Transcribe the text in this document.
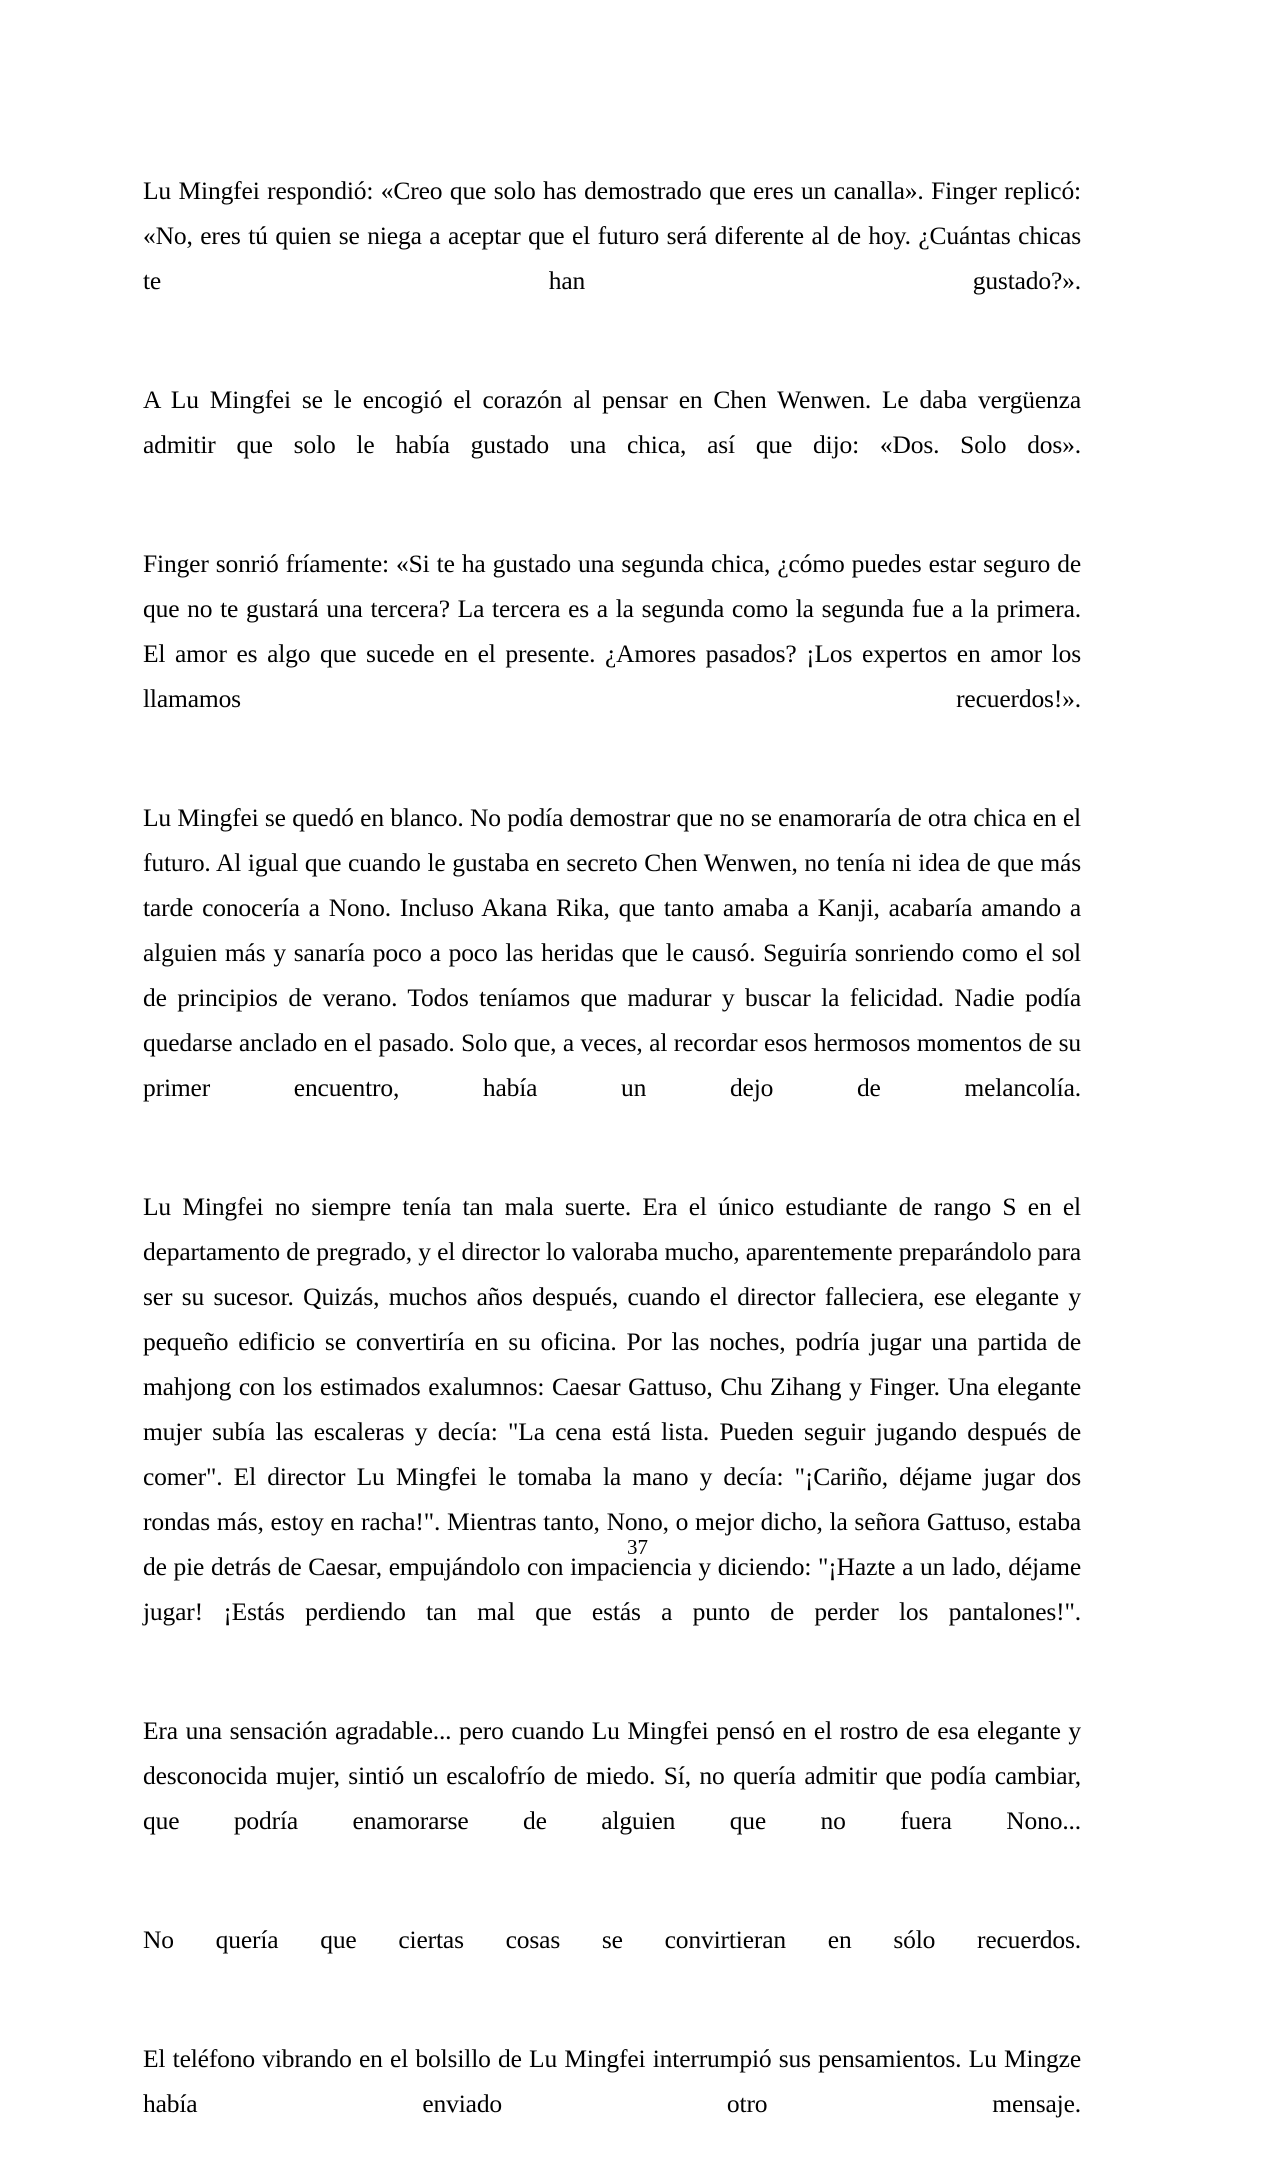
Lu Mingfei respondió: «Creo que solo has demostrado que eres un canalla». Finger replicó: «No, eres tú quien se niega a aceptar que el futuro será diferente al de hoy. ¿Cuántas chicas te han gustado?».

A Lu Mingfei se le encogió el corazón al pensar en Chen Wenwen. Le daba vergüenza admitir que solo le había gustado una chica, así que dijo: «Dos. Solo dos».

Finger sonrió fríamente: «Si te ha gustado una segunda chica, ¿cómo puedes estar seguro de que no te gustará una tercera? La tercera es a la segunda como la segunda fue a la primera. El amor es algo que sucede en el presente. ¿Amores pasados? ¡Los expertos en amor los llamamos recuerdos!».

Lu Mingfei se quedó en blanco. No podía demostrar que no se enamoraría de otra chica en el futuro. Al igual que cuando le gustaba en secreto Chen Wenwen, no tenía ni idea de que más tarde conocería a Nono. Incluso Akana Rika, que tanto amaba a Kanji, acabaría amando a alguien más y sanaría poco a poco las heridas que le causó. Seguiría sonriendo como el sol de principios de verano. Todos teníamos que madurar y buscar la felicidad. Nadie podía quedarse anclado en el pasado. Solo que, a veces, al recordar esos hermosos momentos de su primer encuentro, había un dejo de melancolía.

Lu Mingfei no siempre tenía tan mala suerte. Era el único estudiante de rango S en el departamento de pregrado, y el director lo valoraba mucho, aparentemente preparándolo para ser su sucesor. Quizás, muchos años después, cuando el director falleciera, ese elegante y pequeño edificio se convertiría en su oficina. Por las noches, podría jugar una partida de mahjong con los estimados exalumnos: Caesar Gattuso, Chu Zihang y Finger. Una elegante mujer subía las escaleras y decía: "La cena está lista. Pueden seguir jugando después de comer". El director Lu Mingfei le tomaba la mano y decía: "¡Cariño, déjame jugar dos rondas más, estoy en racha!". Mientras tanto, Nono, o mejor dicho, la señora Gattuso, estaba de pie detrás de Caesar, empujándolo con impaciencia y diciendo: "¡Hazte a un lado, déjame jugar! ¡Estás perdiendo tan mal que estás a punto de perder los pantalones!".

Era una sensación agradable... pero cuando Lu Mingfei pensó en el rostro de esa elegante y desconocida mujer, sintió un escalofrío de miedo. Sí, no quería admitir que podía cambiar, que podría enamorarse de alguien que no fuera Nono...

No quería que ciertas cosas se convirtieran en sólo recuerdos.

El teléfono vibrando en el bolsillo de Lu Mingfei interrumpió sus pensamientos. Lu Mingze había enviado otro mensaje.

37
